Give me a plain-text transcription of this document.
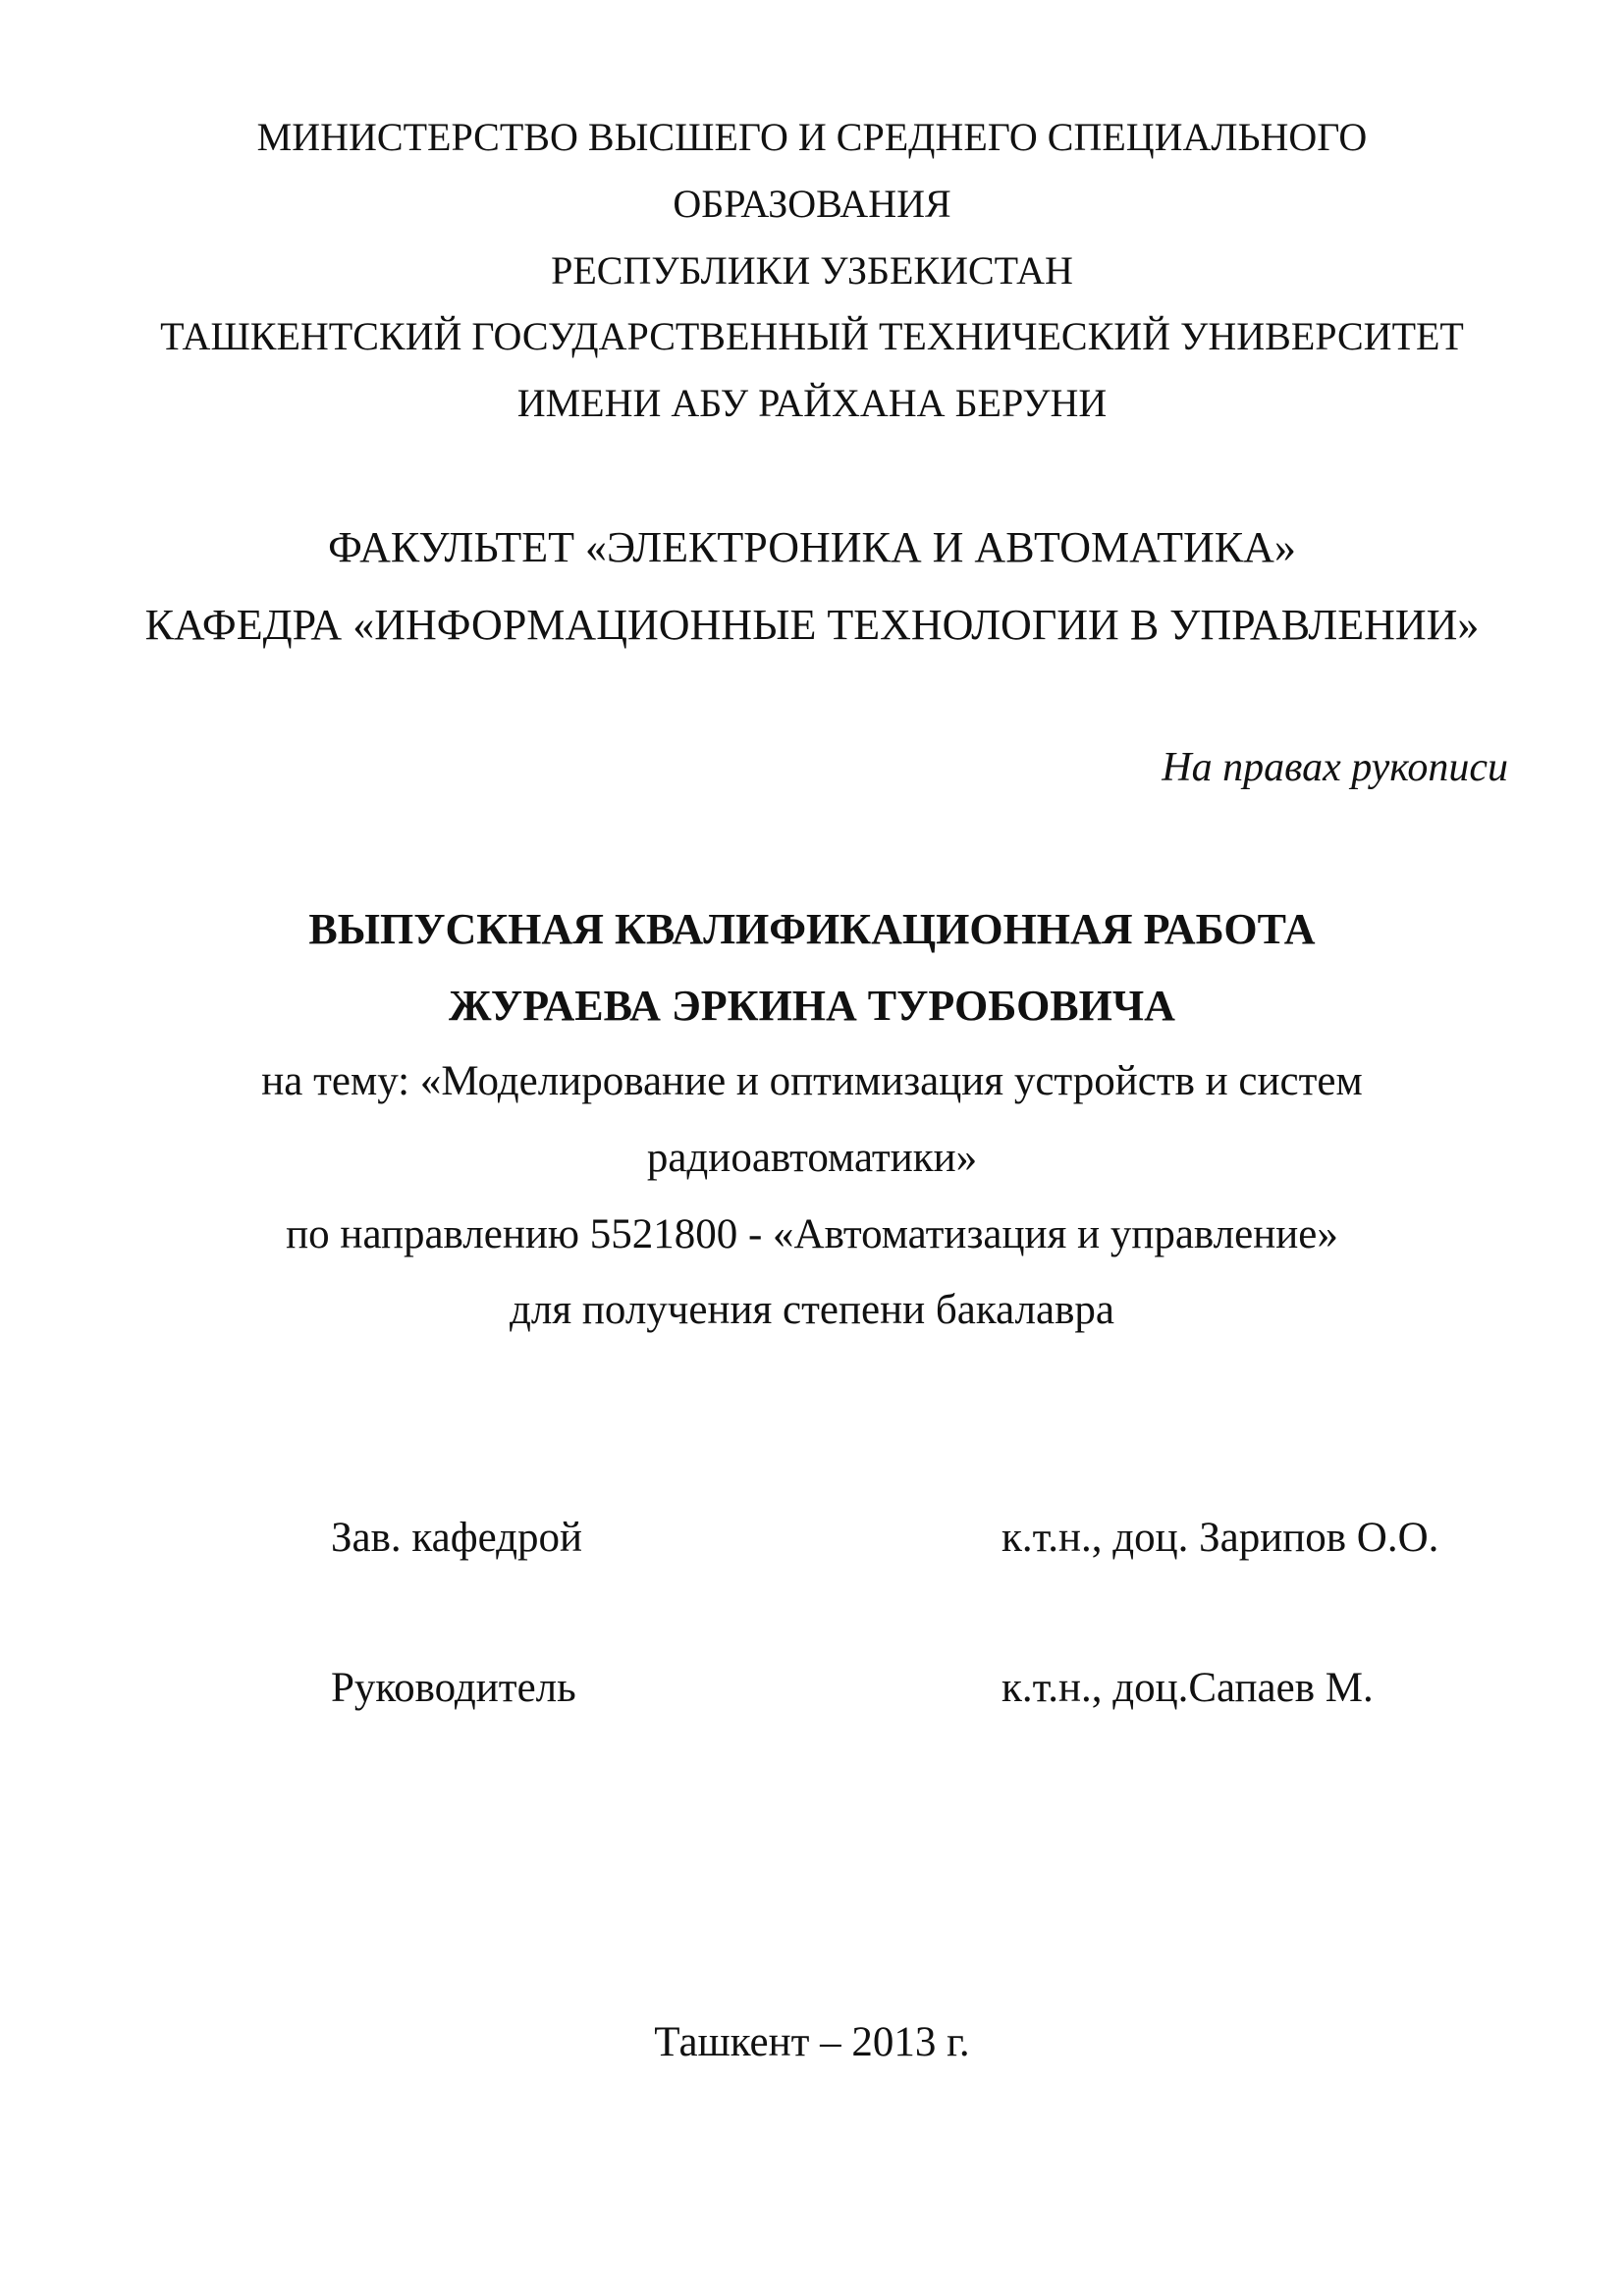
МИНИСТЕРСТВО ВЫСШЕГО И СРЕДНЕГО СПЕЦИАЛЬНОГО
ОБРАЗОВАНИЯ
РЕСПУБЛИКИ УЗБЕКИСТАН
ТАШКЕНТСКИЙ ГОСУДАРСТВЕННЫЙ ТЕХНИЧЕСКИЙ УНИВЕРСИТЕТ
ИМЕНИ АБУ РАЙХАНА БЕРУНИ
ФАКУЛЬТЕТ «ЭЛЕКТРОНИКА И АВТОМАТИКА»
КАФЕДРА «ИНФОРМАЦИОННЫЕ ТЕХНОЛОГИИ В УПРАВЛЕНИИ»
На правах рукописи
ВЫПУСКНАЯ КВАЛИФИКАЦИОННАЯ РАБОТА
ЖУРАЕВА ЭРКИНА ТУРОБОВИЧА
на тему: «Моделирование и оптимизация устройств и систем
радиоавтоматики»
по направлению 5521800 - «Автоматизация и управление»
для получения степени бакалавра
Зав. кафедрой	к.т.н., доц. Зарипов О.О.
Руководитель	к.т.н., доц.Сапаев М.
Ташкент – 2013 г.
